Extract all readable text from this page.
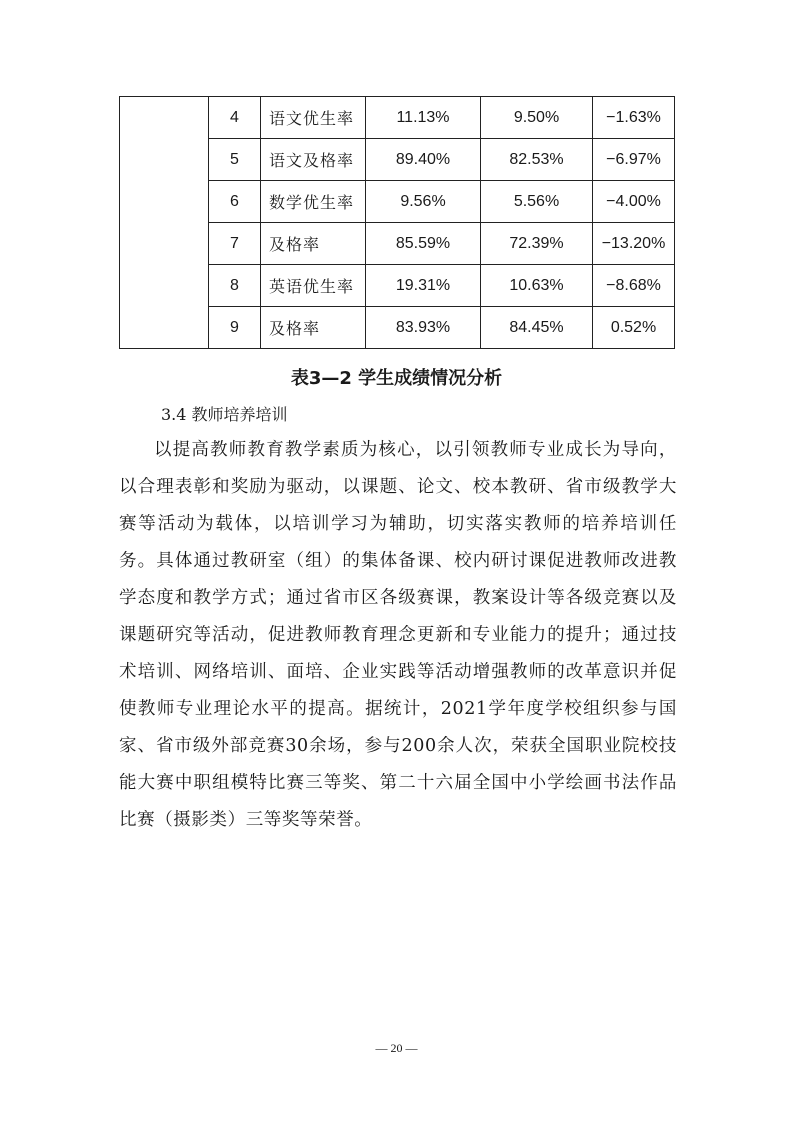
	4	语文优生率	11.13%	9.50%	−1.63%
	5	语文及格率	89.40%	82.53%	−6.97%
	6	数学优生率	9.56%	5.56%	−4.00%
	7	及格率	85.59%	72.39%	−13.20%
	8	英语优生率	19.31%	10.63%	−8.68%
	9	及格率	83.93%	84.45%	0.52%
表3—2 学生成绩情况分析
3.4 教师培养培训

以提高教师教育教学素质为核心，以引领教师专业成长为导向，以合理表彰和奖励为驱动，以课题、论文、校本教研、省市级教学大赛等活动为载体，以培训学习为辅助，切实落实教师的培养培训任务。具体通过教研室（组）的集体备课、校内研讨课促进教师改进教学态度和教学方式；通过省市区各级赛课，教案设计等各级竞赛以及课题研究等活动，促进教师教育理念更新和专业能力的提升；通过技术培训、网络培训、面培、企业实践等活动增强教师的改革意识并促使教师专业理论水平的提高。据统计，2021学年度学校组织参与国家、省市级外部竞赛30余场，参与200余人次，荣获全国职业院校技能大赛中职组模特比赛三等奖、第二十六届全国中小学绘画书法作品比赛（摄影类）三等奖等荣誉。

— 20 —
